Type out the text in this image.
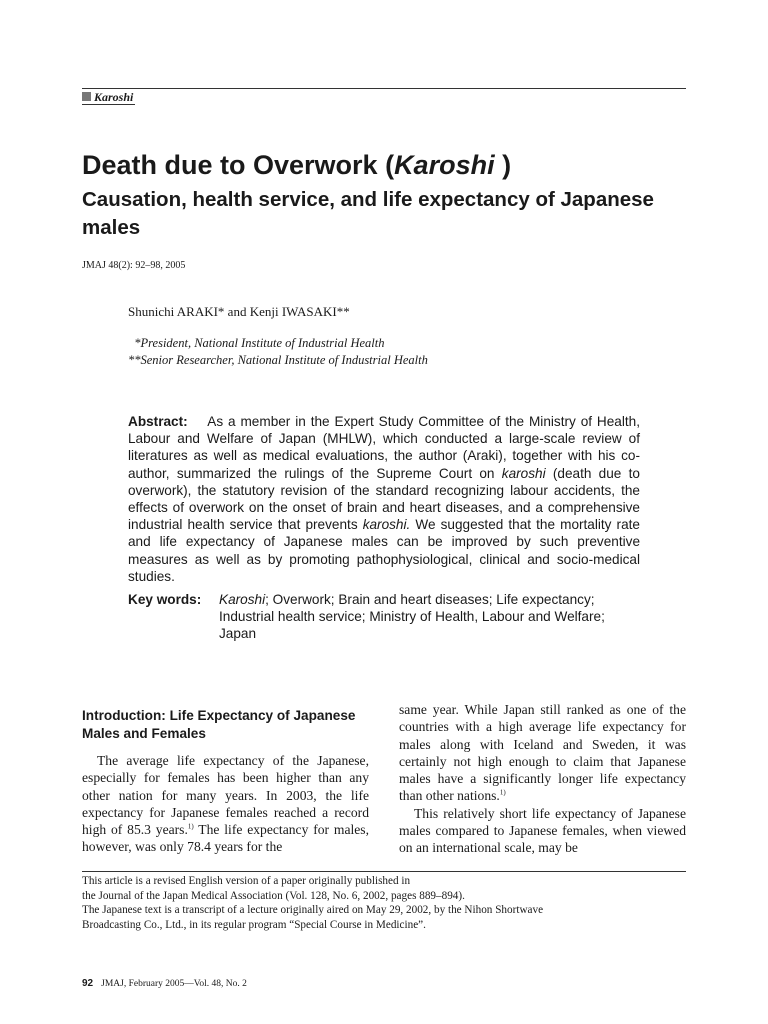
Karoshi
Death due to Overwork (Karoshi )
Causation, health service, and life expectancy of Japanese males
JMAJ 48(2): 92–98, 2005
Shunichi ARAKI* and Kenji IWASAKI**
 *President, National Institute of Industrial Health
**Senior Researcher, National Institute of Industrial Health

Abstract: As a member in the Expert Study Committee of the Ministry of Health, Labour and Welfare of Japan (MHLW), which conducted a large-scale review of literatures as well as medical evaluations, the author (Araki), together with his co-author, summarized the rulings of the Supreme Court on karoshi (death due to overwork), the statutory revision of the standard recognizing labour accidents, the effects of overwork on the onset of brain and heart diseases, and a comprehensive industrial health service that prevents karoshi. We suggested that the mortality rate and life expectancy of Japanese males can be improved by such preventive measures as well as by promoting pathophysiological, clinical and socio-medical studies.

Key words: Karoshi; Overwork; Brain and heart diseases; Life expectancy; Industrial health service; Ministry of Health, Labour and Welfare; Japan
Introduction: Life Expectancy of Japanese Males and Females

The average life expectancy of the Japanese, especially for females has been higher than any other nation for many years. In 2003, the life expectancy for Japanese females reached a record high of 85.3 years.$^{1)}$ The life expectancy for males, however, was only 78.4 years for the

same year. While Japan still ranked as one of the countries with a high average life expectancy for males along with Iceland and Sweden, it was certainly not high enough to claim that Japanese males have a significantly longer life expectancy than other nations.$^{1)}$

This relatively short life expectancy of Japanese males compared to Japanese females, when viewed on an international scale, may be

This article is a revised English version of a paper originally published in
the Journal of the Japan Medical Association (Vol. 128, No. 6, 2002, pages 889–894).
The Japanese text is a transcript of a lecture originally aired on May 29, 2002, by the Nihon Shortwave
Broadcasting Co., Ltd., in its regular program “Special Course in Medicine”.
92 JMAJ, February 2005—Vol. 48, No. 2
